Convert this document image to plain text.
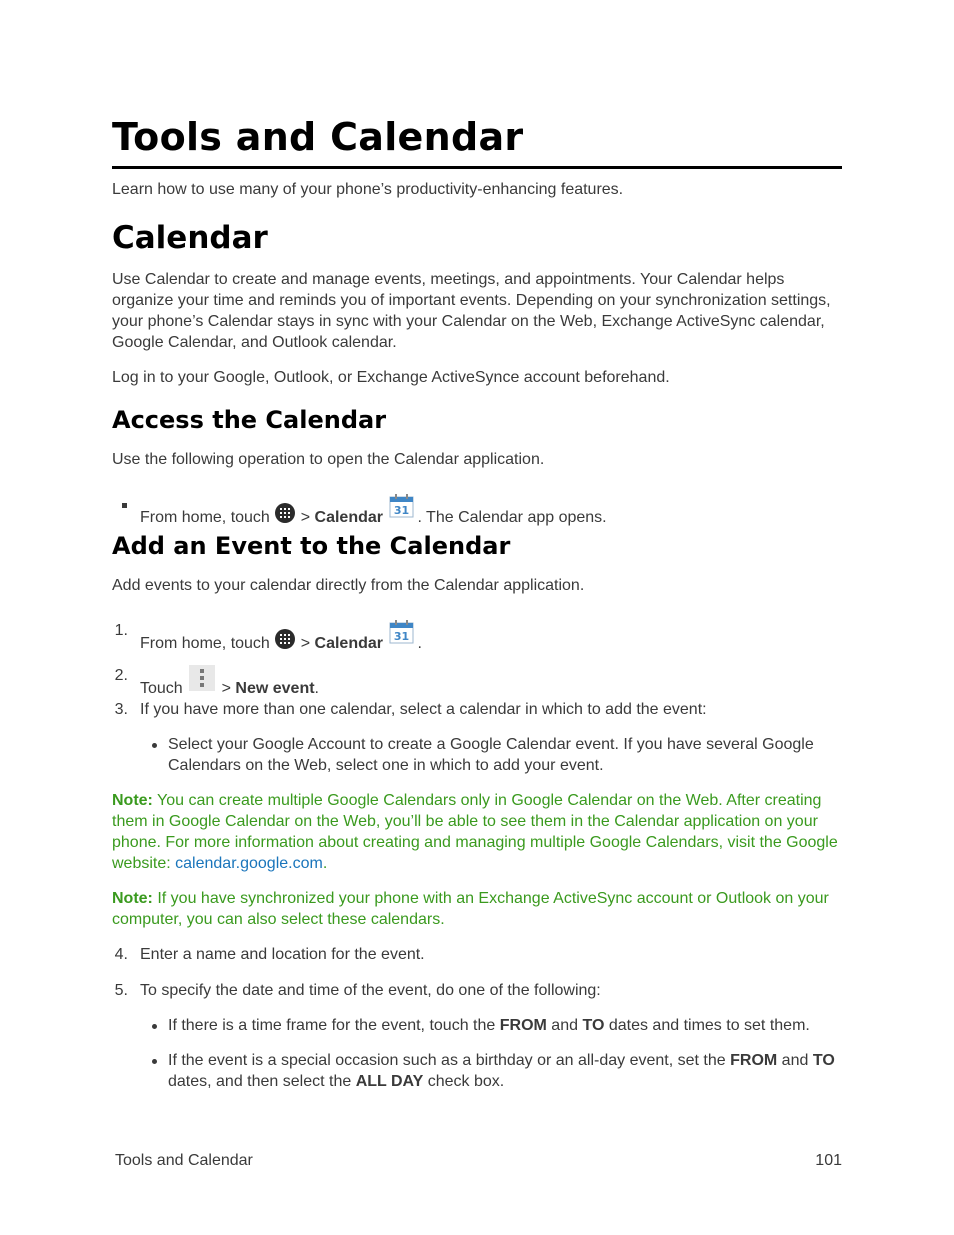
Tools and Calendar

Learn how to use many of your phone’s productivity-enhancing features.

Calendar

Use Calendar to create and manage events, meetings, and appointments. Your Calendar helps organize your time and reminds you of important events. Depending on your synchronization settings, your phone’s Calendar stays in sync with your Calendar on the Web, Exchange ActiveSync calendar, Google Calendar, and Outlook calendar.

Log in to your Google, Outlook, or Exchange ActiveSynce account beforehand.

Access the Calendar

Use the following operation to open the Calendar application.

From home, touch > Calendar 31 . The Calendar app opens.
Add an Event to the Calendar

Add events to your calendar directly from the Calendar application.

1.
From home, touch > Calendar 31 .
2.
Touch > New event.
3. If you have more than one calendar, select a calendar in which to add the event:
Select your Google Account to create a Google Calendar event. If you have several Google Calendars on the Web, select one in which to add your event.

Note: You can create multiple Google Calendars only in Google Calendar on the Web. After creating them in Google Calendar on the Web, you’ll be able to see them in the Calendar application on your phone. For more information about creating and managing multiple Google Calendars, visit the Google website: calendar.google.com.

Note: If you have synchronized your phone with an Exchange ActiveSync account or Outlook on your computer, you can also select these calendars.

4. Enter a name and location for the event.
5. To specify the date and time of the event, do one of the following:
If there is a time frame for the event, touch the FROM and TO dates and times to set them.
If the event is a special occasion such as a birthday or an all-day event, set the FROM and TO dates, and then select the ALL DAY check box.
Tools and Calendar	101
